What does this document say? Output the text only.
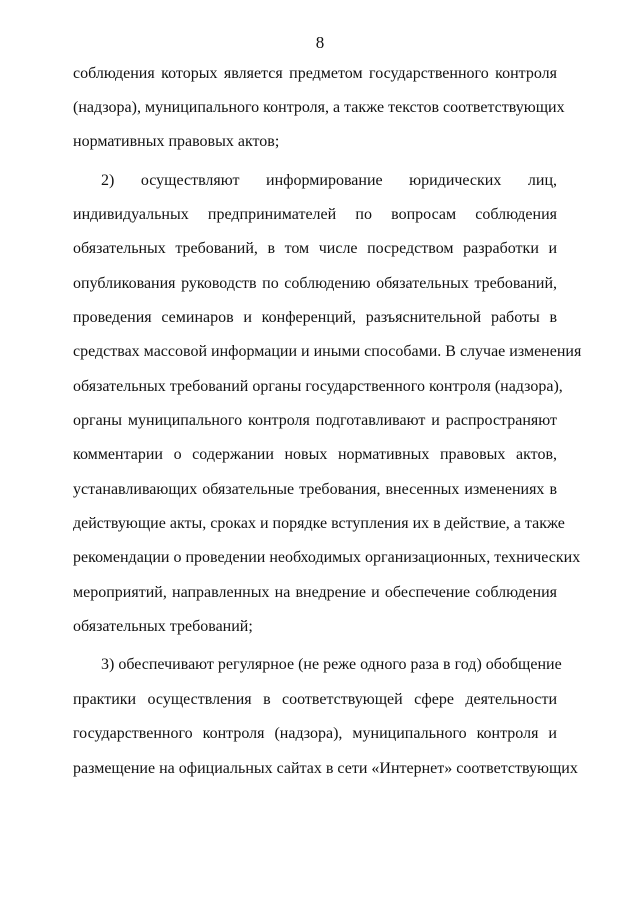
8
соблюдения которых является предметом государственного контроля
(надзора), муниципального контроля, а также текстов соответствующих
нормативных правовых актов;
2) осуществляют информирование юридических лиц,
индивидуальных предпринимателей по вопросам соблюдения
обязательных требований, в том числе посредством разработки и
опубликования руководств по соблюдению обязательных требований,
проведения семинаров и конференций, разъяснительной работы в
средствах массовой информации и иными способами. В случае изменения
обязательных требований органы государственного контроля (надзора),
органы муниципального контроля подготавливают и распространяют
комментарии о содержании новых нормативных правовых актов,
устанавливающих обязательные требования, внесенных изменениях в
действующие акты, сроках и порядке вступления их в действие, а также
рекомендации о проведении необходимых организационных, технических
мероприятий, направленных на внедрение и обеспечение соблюдения
обязательных требований;
3) обеспечивают регулярное (не реже одного раза в год) обобщение
практики осуществления в соответствующей сфере деятельности
государственного контроля (надзора), муниципального контроля и
размещение на официальных сайтах в сети «Интернет» соответствующих
